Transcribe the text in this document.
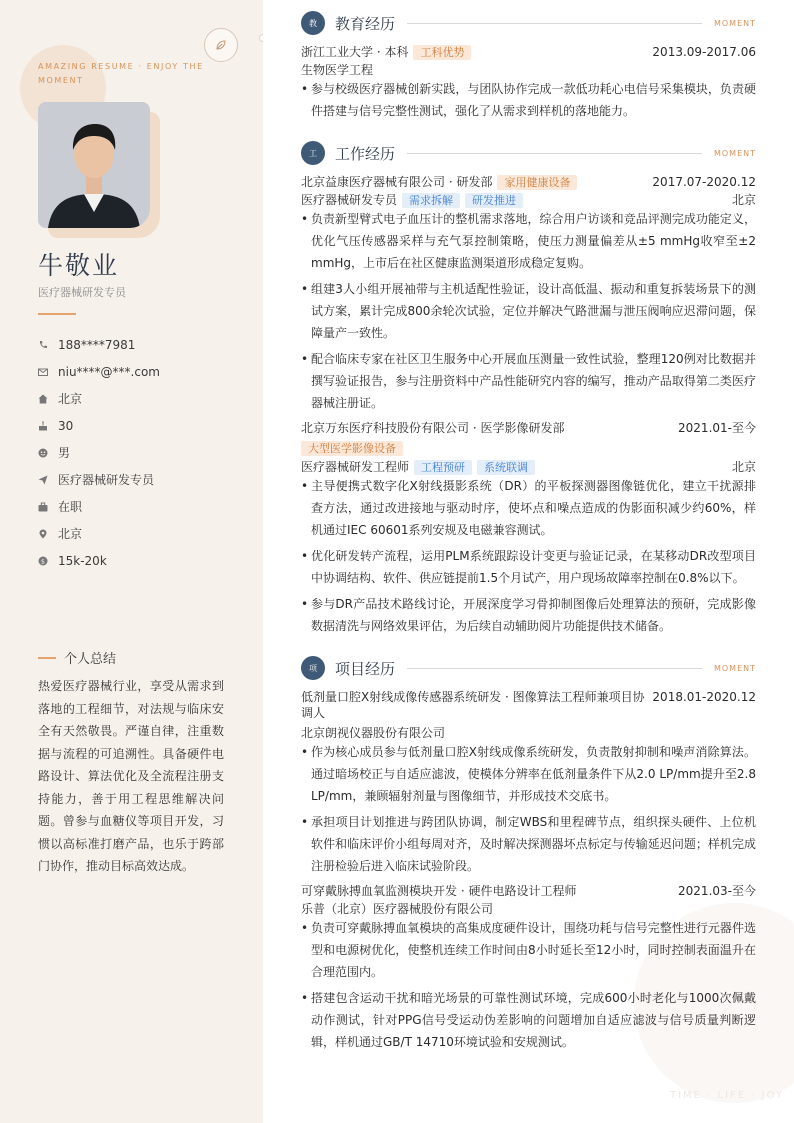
AMAZING RESUME · ENJOY THE MOMENT
牛敬业
医疗器械研发专员
188****7981
niu****@***.com
北京
30
男
医疗器械研发专员
在职
北京
$ 15k-20k
个人总结
热爱医疗器械行业，享受从需求到落地的工程细节，对法规与临床安全有天然敬畏。严谨自律，注重数据与流程的可追溯性。具备硬件电路设计、算法优化及全流程注册支持能力，善于用工程思维解决问题。曾参与血糖仪等项目开发，习惯以高标准打磨产品，也乐于跨部门协作，推动目标高效达成。
TIME · LIFE · JOY
教	教育经历	MOMENT
浙江工业大学 · 本科	工科优势	2013.09-2017.06
生物医学工程
• 参与校级医疗器械创新实践，与团队协作完成一款低功耗心电信号采集模块，负责硬件搭建与信号完整性测试，强化了从需求到样机的落地能力。
工	工作经历	MOMENT
北京益康医疗器械有限公司 · 研发部	家用健康设备	2017.07-2020.12
医疗器械研发专员	需求拆解	研发推进	北京
• 负责新型臂式电子血压计的整机需求落地，综合用户访谈和竞品评测完成功能定义，优化气压传感器采样与充气泵控制策略，使压力测量偏差从±5 mmHg收窄至±2 mmHg，上市后在社区健康监测渠道形成稳定复购。
• 组建3人小组开展袖带与主机适配性验证，设计高低温、振动和重复拆装场景下的测试方案，累计完成800余轮次试验，定位并解决气路泄漏与泄压阀响应迟滞问题，保障量产一致性。
• 配合临床专家在社区卫生服务中心开展血压测量一致性试验，整理120例对比数据并撰写验证报告，参与注册资料中产品性能研究内容的编写，推动产品取得第二类医疗器械注册证。
北京万东医疗科技股份有限公司 · 医学影像研发部	2021.01-至今
大型医学影像设备
医疗器械研发工程师	工程预研	系统联调	北京
• 主导便携式数字化X射线摄影系统（DR）的平板探测器图像链优化，建立干扰源排查方法，通过改进接地与驱动时序，使坏点和噪点造成的伪影面积减少约60%，样机通过IEC 60601系列安规及电磁兼容测试。
• 优化研发转产流程，运用PLM系统跟踪设计变更与验证记录，在某移动DR改型项目中协调结构、软件、供应链提前1.5个月试产，用户现场故障率控制在0.8%以下。
• 参与DR产品技术路线讨论，开展深度学习骨抑制图像后处理算法的预研，完成影像数据清洗与网络效果评估，为后续自动辅助阅片功能提供技术储备。
项	项目经历	MOMENT
低剂量口腔X射线成像传感器系统研发 · 图像算法工程师兼项目协调人
2018.01-2020.12
北京朗视仪器股份有限公司
• 作为核心成员参与低剂量口腔X射线成像系统研发，负责散射抑制和噪声消除算法。通过暗场校正与自适应滤波，使模体分辨率在低剂量条件下从2.0 LP/mm提升至2.8 LP/mm，兼顾辐射剂量与图像细节，并形成技术交底书。
• 承担项目计划推进与跨团队协调，制定WBS和里程碑节点，组织探头硬件、上位机软件和临床评价小组每周对齐，及时解决探测器坏点标定与传输延迟问题；样机完成注册检验后进入临床试验阶段。
可穿戴脉搏血氧监测模块开发 · 硬件电路设计工程师	2021.03-至今
乐普（北京）医疗器械股份有限公司
• 负责可穿戴脉搏血氧模块的高集成度硬件设计，围绕功耗与信号完整性进行元器件选型和电源树优化，使整机连续工作时间由8小时延长至12小时，同时控制表面温升在合理范围内。
• 搭建包含运动干扰和暗光场景的可靠性测试环境，完成600小时老化与1000次佩戴动作测试，针对PPG信号受运动伪差影响的问题增加自适应滤波与信号质量判断逻辑，样机通过GB/T 14710环境试验和安规测试。
